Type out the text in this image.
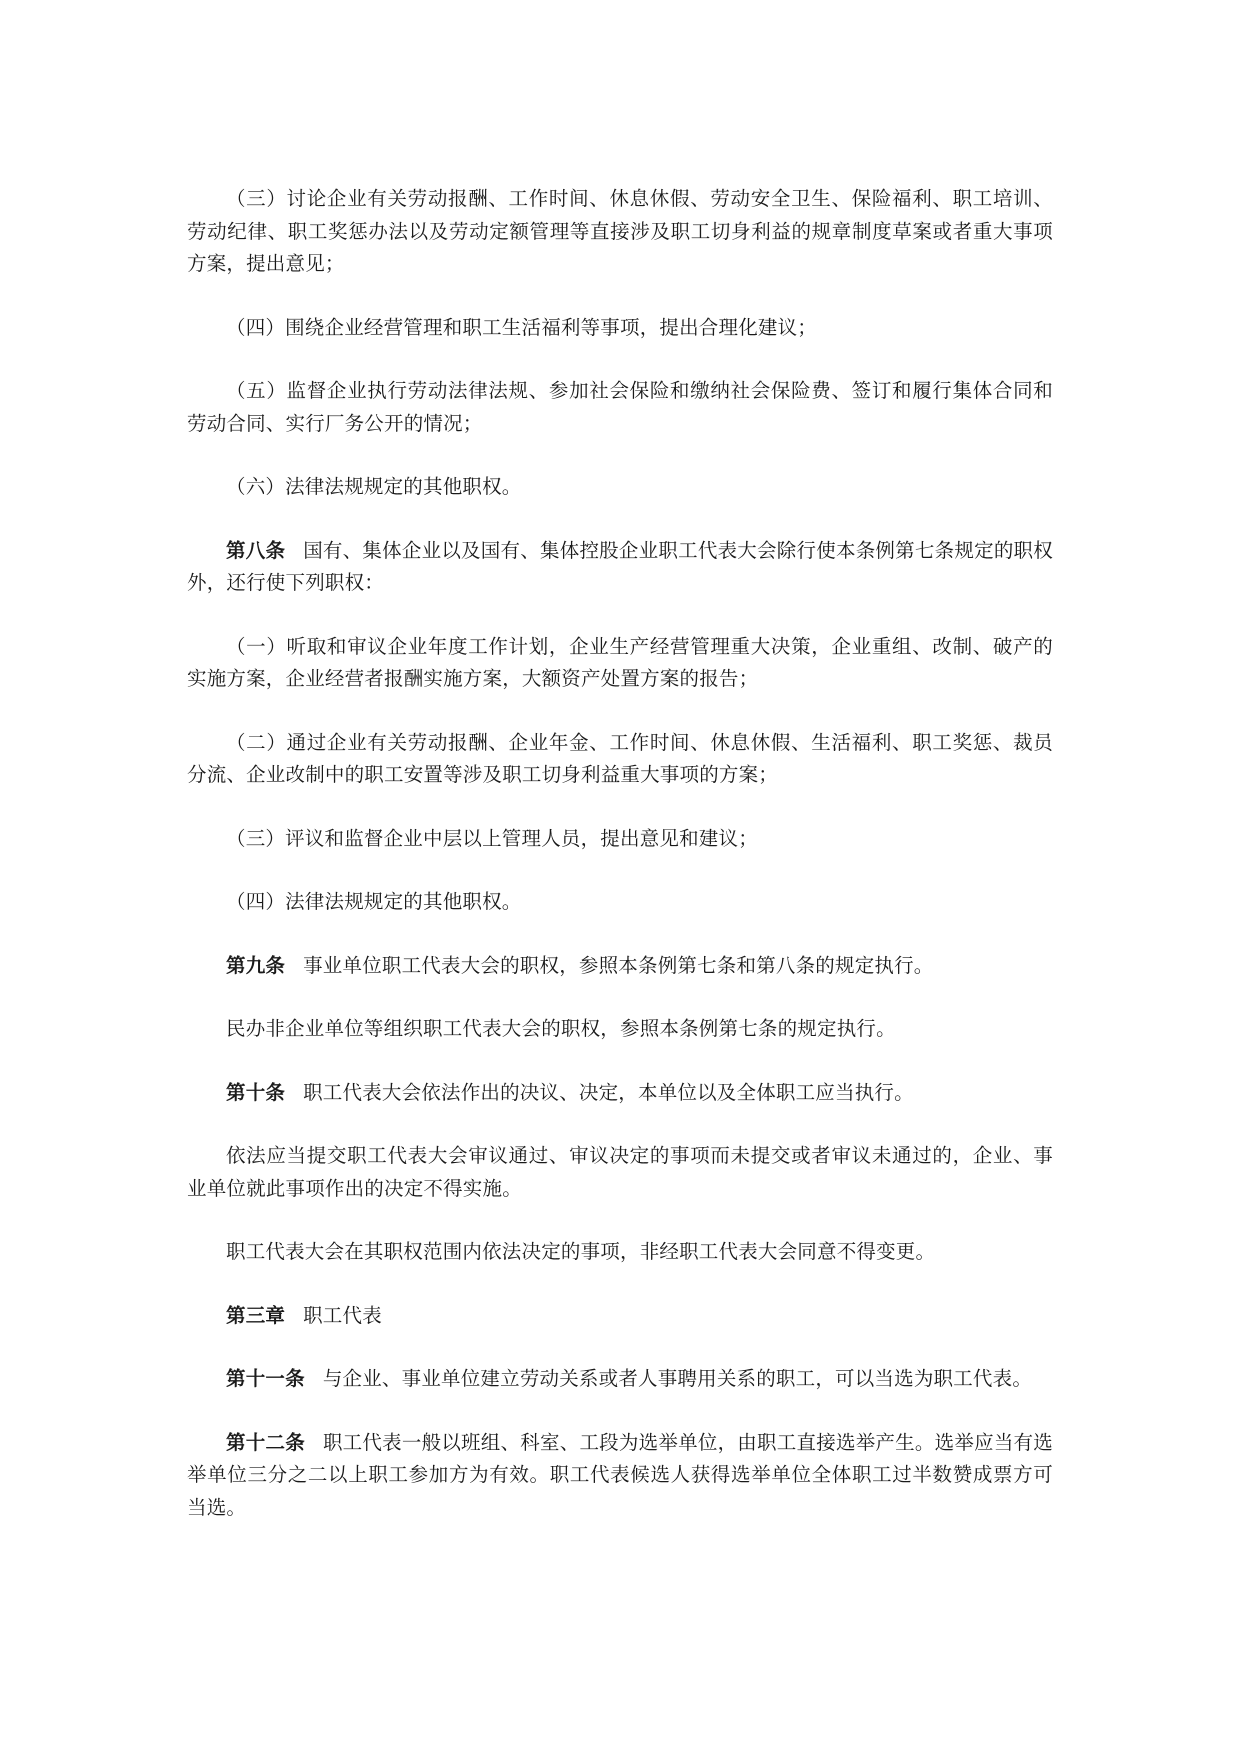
（三）讨论企业有关劳动报酬、工作时间、休息休假、劳动安全卫生、保险福利、职工培训、劳动纪律、职工奖惩办法以及劳动定额管理等直接涉及职工切身利益的规章制度草案或者重大事项方案，提出意见；

（四）围绕企业经营管理和职工生活福利等事项，提出合理化建议；

（五）监督企业执行劳动法律法规、参加社会保险和缴纳社会保险费、签订和履行集体合同和劳动合同、实行厂务公开的情况；

（六）法律法规规定的其他职权。

第八条 国有、集体企业以及国有、集体控股企业职工代表大会除行使本条例第七条规定的职权外，还行使下列职权：

（一）听取和审议企业年度工作计划，企业生产经营管理重大决策，企业重组、改制、破产的实施方案，企业经营者报酬实施方案，大额资产处置方案的报告；

（二）通过企业有关劳动报酬、企业年金、工作时间、休息休假、生活福利、职工奖惩、裁员分流、企业改制中的职工安置等涉及职工切身利益重大事项的方案；

（三）评议和监督企业中层以上管理人员，提出意见和建议；

（四）法律法规规定的其他职权。

第九条 事业单位职工代表大会的职权，参照本条例第七条和第八条的规定执行。

民办非企业单位等组织职工代表大会的职权，参照本条例第七条的规定执行。

第十条 职工代表大会依法作出的决议、决定，本单位以及全体职工应当执行。

依法应当提交职工代表大会审议通过、审议决定的事项而未提交或者审议未通过的，企业、事业单位就此事项作出的决定不得实施。

职工代表大会在其职权范围内依法决定的事项，非经职工代表大会同意不得变更。

第三章 职工代表

第十一条 与企业、事业单位建立劳动关系或者人事聘用关系的职工，可以当选为职工代表。

第十二条 职工代表一般以班组、科室、工段为选举单位，由职工直接选举产生。选举应当有选举单位三分之二以上职工参加方为有效。职工代表候选人获得选举单位全体职工过半数赞成票方可当选。
